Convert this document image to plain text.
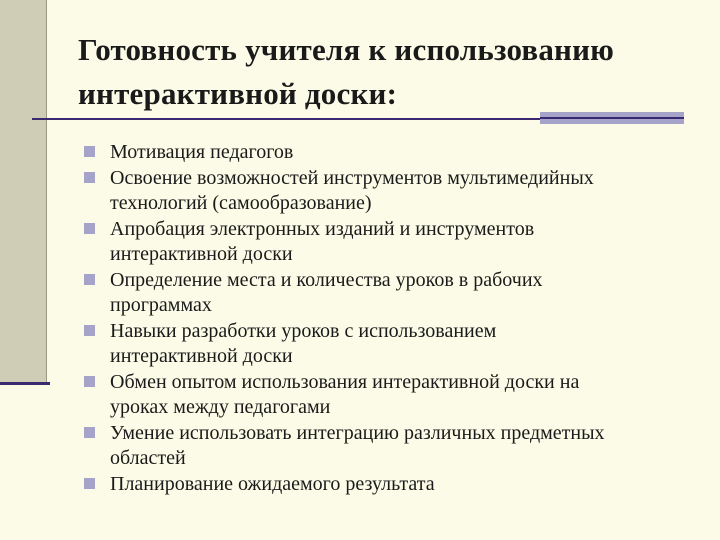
Готовность учителя к использованию
интерактивной доски:
Мотивация педагогов
Освоение возможностей инструментов мультимедийных
технологий (самообразование)
Апробация электронных изданий и инструментов
интерактивной доски
Определение места и количества уроков в рабочих
программах
Навыки разработки уроков с использованием
интерактивной доски
Обмен опытом использования интерактивной доски на
уроках между педагогами
Умение использовать интеграцию различных предметных
областей
Планирование ожидаемого результата
